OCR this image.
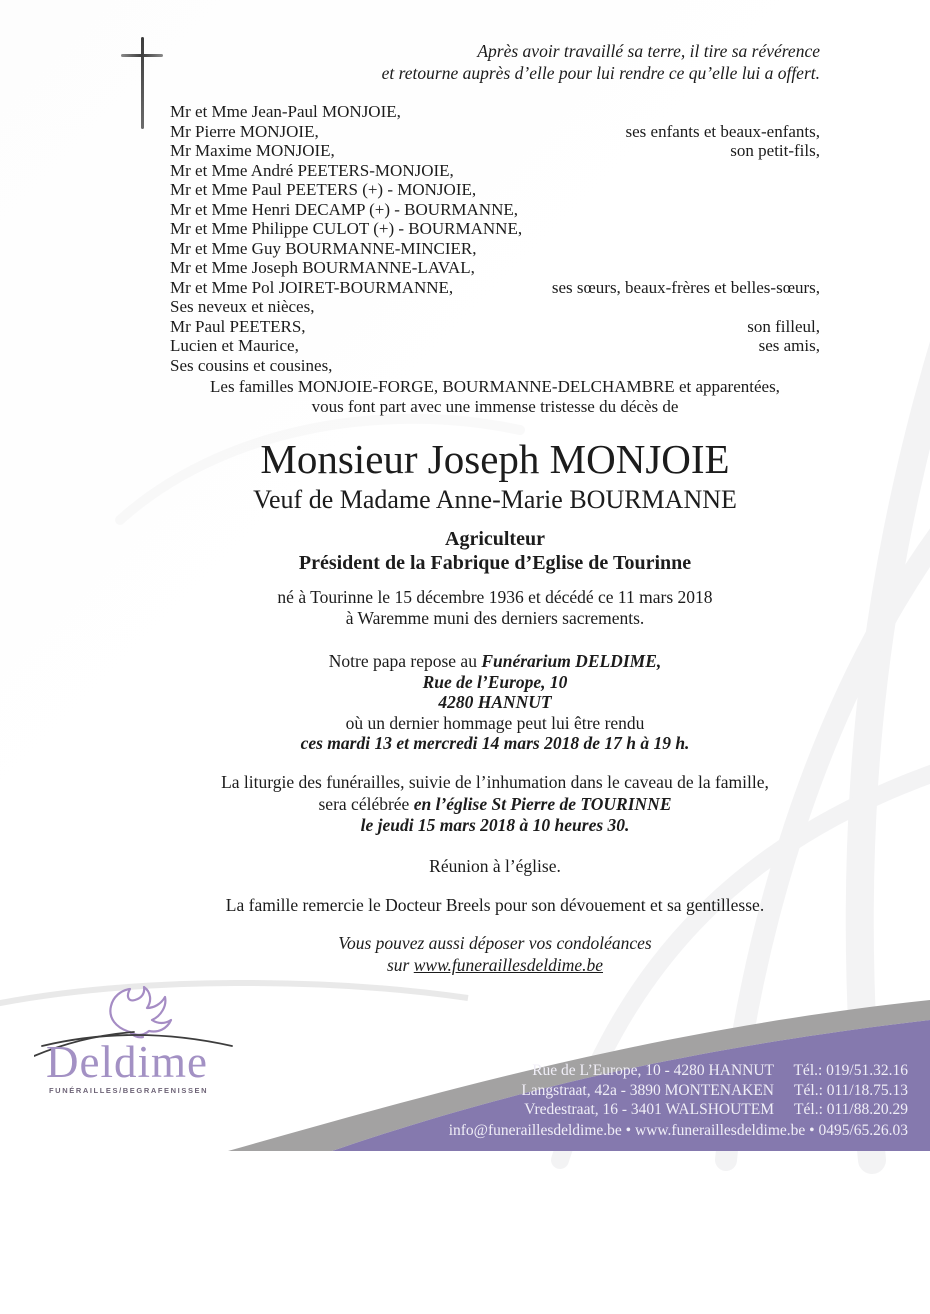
Après avoir travaillé sa terre, il tire sa révérence
et retourne auprès d’elle pour lui rendre ce qu’elle lui a offert.
Mr et Mme Jean-Paul MONJOIE,
Mr Pierre MONJOIE,	ses enfants et beaux-enfants,
Mr Maxime MONJOIE,	son petit-fils,
Mr et Mme André PEETERS-MONJOIE,
Mr et Mme Paul PEETERS (+) - MONJOIE,
Mr et Mme Henri DECAMP (+) - BOURMANNE,
Mr et Mme Philippe CULOT (+) - BOURMANNE,
Mr et Mme Guy BOURMANNE-MINCIER,
Mr et Mme Joseph BOURMANNE-LAVAL,
Mr et Mme Pol JOIRET-BOURMANNE,	ses sœurs, beaux-frères et belles-sœurs,
Ses neveux et nièces,
Mr Paul PEETERS,	son filleul,
Lucien et Maurice,	ses amis,
Ses cousins et cousines,
Les familles MONJOIE-FORGE, BOURMANNE-DELCHAMBRE et apparentées,
vous font part avec une immense tristesse du décès de
Monsieur Joseph MONJOIE
Veuf de Madame Anne-Marie BOURMANNE
Agriculteur
Président de la Fabrique d’Eglise de Tourinne
né à Tourinne le 15 décembre 1936 et décédé ce 11 mars 2018
à Waremme muni des derniers sacrements.
Notre papa repose au Funérarium DELDIME,
Rue de l’Europe, 10
4280 HANNUT
où un dernier hommage peut lui être rendu
ces mardi 13 et mercredi 14 mars 2018 de 17 h à 19 h.
La liturgie des funérailles, suivie de l’inhumation dans le caveau de la famille,
sera célébrée en l’église St Pierre de TOURINNE
le jeudi 15 mars 2018 à 10 heures 30.
Réunion à l’église.
La famille remercie le Docteur Breels pour son dévouement et sa gentillesse.
Vous pouvez aussi déposer vos condoléances
sur www.funeraillesdeldime.be
Deldime
FUNÉRAILLES/BEGRAFENISSEN
Rue de L’Europe, 10 - 4280 HANNUT	Tél.: 019/51.32.16
Langstraat, 42a - 3890 MONTENAKEN	Tél.: 011/18.75.13
Vredestraat, 16 - 3401 WALSHOUTEM	Tél.: 011/88.20.29
info@funeraillesdeldime.be • www.funeraillesdeldime.be • 0495/65.26.03
